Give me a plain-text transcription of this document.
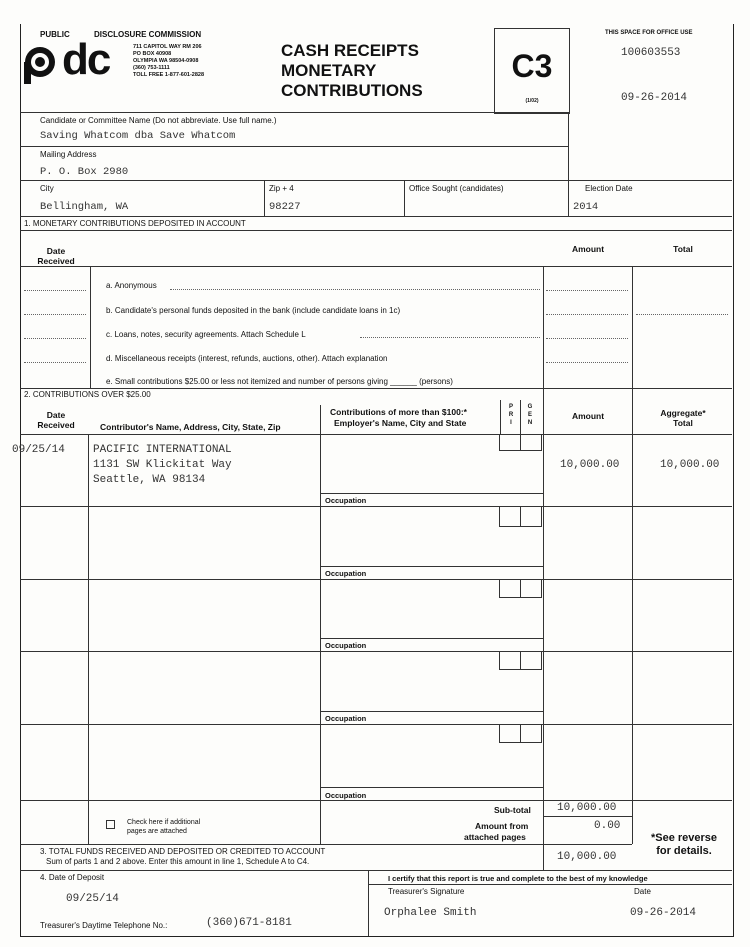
PUBLIC	DISCLOSURE COMMISSION
dc	711 CAPITOL WAY RM 206
PO BOX 40908
OLYMPIA WA 98504-0908
(360) 753-1111
TOLL FREE 1-877-601-2828
CASH RECEIPTS
MONETARY
CONTRIBUTIONS
C3
(1/02)
THIS SPACE FOR OFFICE USE
100603553
09-26-2014
Candidate or Committee Name (Do not abbreviate. Use full name.)
Saving Whatcom dba Save Whatcom
Mailing Address
P. O. Box 2980
City
Bellingham, WA
Zip + 4
98227
Office Sought (candidates)	Election Date
2014
1. MONETARY CONTRIBUTIONS DEPOSITED IN ACCOUNT
Date
Received
Amount	Total
a. Anonymous
b. Candidate's personal funds deposited in the bank (include candidate loans in 1c)
c. Loans, notes, security agreements. Attach Schedule L
d. Miscellaneous receipts (interest, refunds, auctions, other). Attach explanation
e. Small contributions $25.00 or less not itemized and number of persons giving ______ (persons)
2. CONTRIBUTIONS OVER $25.00
Date
Received	Contributor's Name, Address, City, State, Zip
Contributions of more than $100:*
Employer's Name, City and State
P
R
I
G
E
N
Amount	Aggregate*
Total
09/25/14	PACIFIC INTERNATIONAL
1131 SW Klickitat Way
Seattle, WA 98134
10,000.00	10,000.00
Occupation
Occupation
Occupation
Occupation
Occupation
Check here if additional
pages are attached
Sub-total 10,000.00
Amount from
attached pages
0.00
3. TOTAL FUNDS RECEIVED AND DEPOSITED OR CREDITED TO ACCOUNT
Sum of parts 1 and 2 above. Enter this amount in line 1, Schedule A to C4.	10,000.00
*See reverse
for details.
4. Date of Deposit
09/25/14
I certify that this report is true and complete to the best of my knowledge
Treasurer's Signature
Orphalee Smith
Date
09-26-2014
Treasurer's Daytime Telephone No.:	(360)671-8181
